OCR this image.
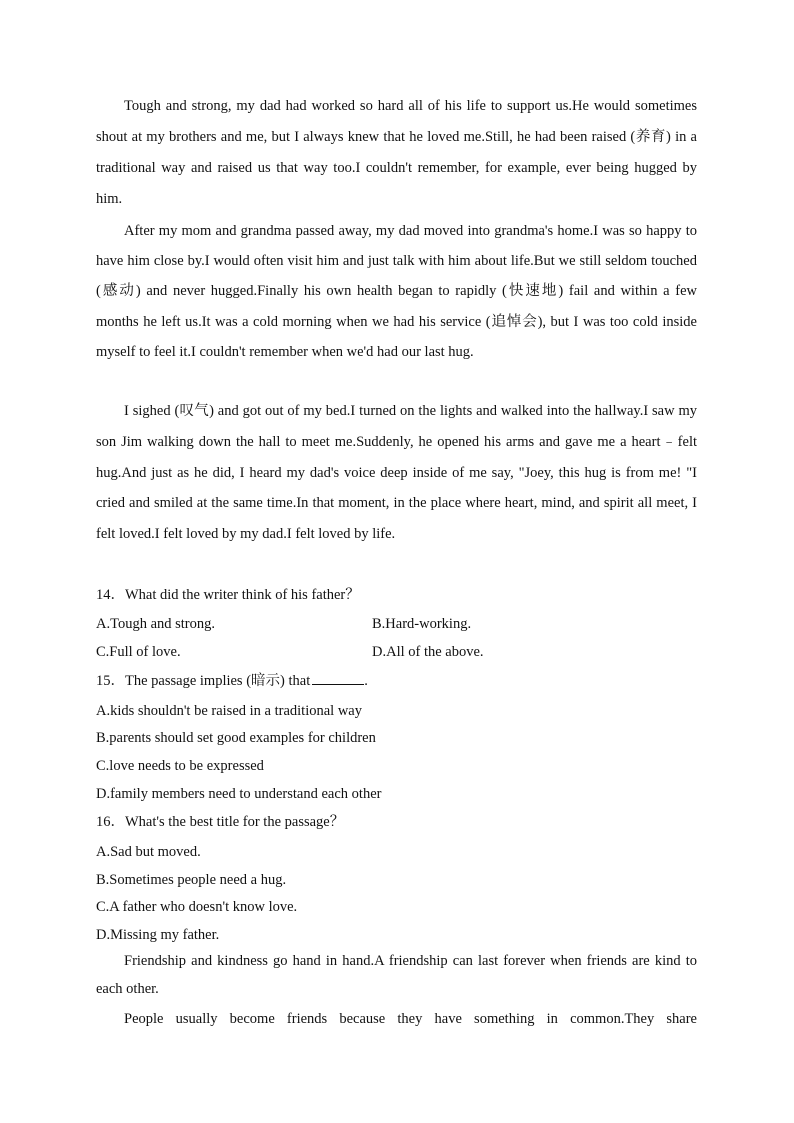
Tough and strong, my dad had worked so hard all of his life to support us.He would sometimes shout at my brothers and me, but I always knew that he loved me.Still, he had been raised (养育) in a traditional way and raised us that way too.I couldn't remember, for example, ever being hugged by him.

After my mom and grandma passed away, my dad moved into grandma's home.I was so happy to have him close by.I would often visit him and just talk with him about life.But we still seldom touched (感动) and never hugged.Finally his own health began to rapidly (快速地) fail and within a few months he left us.It was a cold morning when we had his service (追悼会), but I was too cold inside myself to feel it.I couldn't remember when we'd had our last hug.

I sighed (叹气) and got out of my bed.I turned on the lights and walked into the hallway.I saw my son Jim walking down the hall to meet me.Suddenly, he opened his arms and gave me a heart﹣felt hug.And just as he did, I heard my dad's voice deep inside of me say, "Joey, this hug is from me! "I cried and smiled at the same time.In that moment, in the place where heart, mind, and spirit all meet, I felt loved.I felt loved by my dad.I felt loved by life.

14．What did the writer think of his father？
A.Tough and strong.	B.Hard-working.
C.Full of love.	D.All of the above.
15．The passage implies (暗示) that	.
A.kids shouldn't be raised in a traditional way
B.parents should set good examples for children
C.love needs to be expressed
D.family members need to understand each other
16．What's the best title for the passage？
A.Sad but moved.
B.Sometimes people need a hug.
C.A father who doesn't know love.
D.Missing my father.

Friendship and kindness go hand in hand.A friendship can last forever when friends are kind to each other.

People usually become friends because they have something in common.They share
